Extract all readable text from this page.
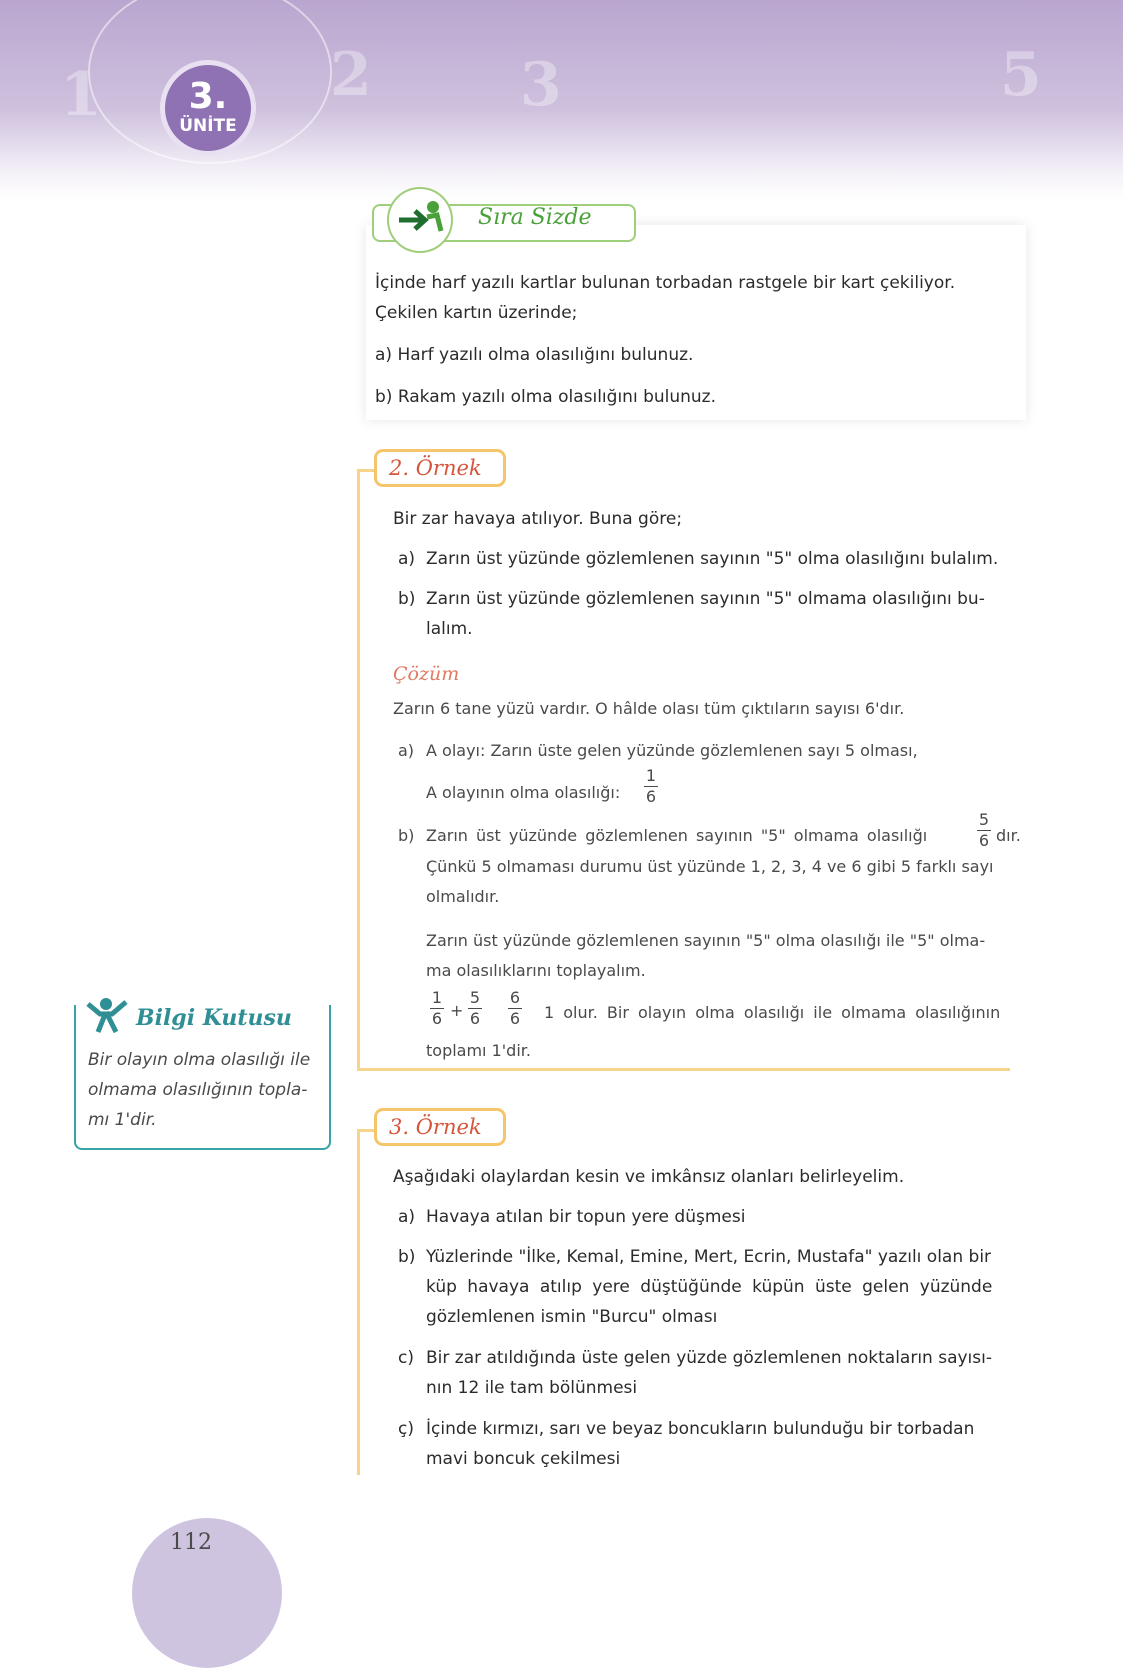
1	2 3	5
3.
ÜNİTE
Sıra Sizde
İçinde harf yazılı kartlar bulunan torbadan rastgele bir kart çekiliyor.
Çekilen kartın üzerinde;
a) Harf yazılı olma olasılığını bulunuz.
b) Rakam yazılı olma olasılığını bulunuz.
2. Örnek
Bir zar havaya atılıyor. Buna göre;
a) Zarın üst yüzünde gözlemlenen sayının "5" olma olasılığını bulalım.
b) Zarın üst yüzünde gözlemlenen sayının "5" olmama olasılığını bu-
lalım.
Çözüm
Zarın 6 tane yüzü vardır. O hâlde olası tüm çıktıların sayısı 6'dır.
a) A olayı: Zarın üste gelen yüzünde gözlemlenen sayı 5 olması,
A olayının olma olasılığı:
1
6
b) Zarın üst yüzünde gözlemlenen sayının "5" olmama olasılığı
5
6 dır.
Çünkü 5 olmaması durumu üst yüzünde 1, 2, 3, 4 ve 6 gibi 5 farklı sayı
olmalıdır.
Zarın üst yüzünde gözlemlenen sayının "5" olma olasılığı ile "5" olma-
ma olasılıklarını toplayalım.
1
6 +
5
6
6
6 1 olur. Bir olayın olma olasılığı ile olmama olasılığının
toplamı 1'dir.
Bilgi Kutusu
Bir olayın olma olasılığı ile
olmama olasılığının topla-
mı 1'dir.	3. Örnek
Aşağıdaki olaylardan kesin ve imkânsız olanları belirleyelim.
a) Havaya atılan bir topun yere düşmesi
b) Yüzlerinde "İlke, Kemal, Emine, Mert, Ecrin, Mustafa" yazılı olan bir
küp havaya atılıp yere düştüğünde küpün üste gelen yüzünde
gözlemlenen ismin "Burcu" olması
c) Bir zar atıldığında üste gelen yüzde gözlemlenen noktaların sayısı-
nın 12 ile tam bölünmesi
ç) İçinde kırmızı, sarı ve beyaz boncukların bulunduğu bir torbadan
mavi boncuk çekilmesi
112
